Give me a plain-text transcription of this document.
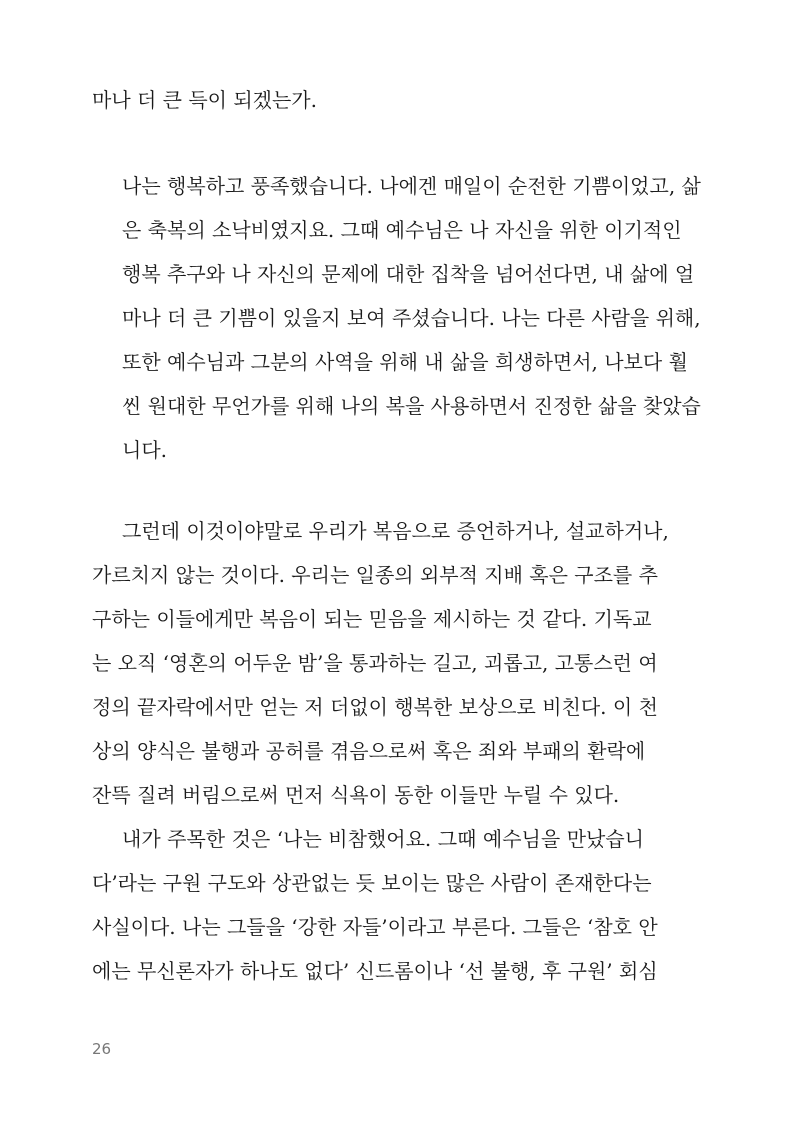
마나 더 큰 득이 되겠는가.
나는 행복하고 풍족했습니다. 나에겐 매일이 순전한 기쁨이었고, 삶
은 축복의 소낙비였지요. 그때 예수님은 나 자신을 위한 이기적인
행복 추구와 나 자신의 문제에 대한 집착을 넘어선다면, 내 삶에 얼
마나 더 큰 기쁨이 있을지 보여 주셨습니다. 나는 다른 사람을 위해,
또한 예수님과 그분의 사역을 위해 내 삶을 희생하면서, 나보다 훨
씬 원대한 무언가를 위해 나의 복을 사용하면서 진정한 삶을 찾았습
니다.
그런데 이것이야말로 우리가 복음으로 증언하거나, 설교하거나,
가르치지 않는 것이다. 우리는 일종의 외부적 지배 혹은 구조를 추
구하는 이들에게만 복음이 되는 믿음을 제시하는 것 같다. 기독교
는 오직 ‘영혼의 어두운 밤’을 통과하는 길고, 괴롭고, 고통스런 여
정의 끝자락에서만 얻는 저 더없이 행복한 보상으로 비친다. 이 천
상의 양식은 불행과 공허를 겪음으로써 혹은 죄와 부패의 환락에
잔뜩 질려 버림으로써 먼저 식욕이 동한 이들만 누릴 수 있다.
내가 주목한 것은 ‘나는 비참했어요. 그때 예수님을 만났습니
다’라는 구원 구도와 상관없는 듯 보이는 많은 사람이 존재한다는
사실이다. 나는 그들을 ‘강한 자들’이라고 부른다. 그들은 ‘참호 안
에는 무신론자가 하나도 없다’ 신드롬이나 ‘선 불행, 후 구원’ 회심
26
